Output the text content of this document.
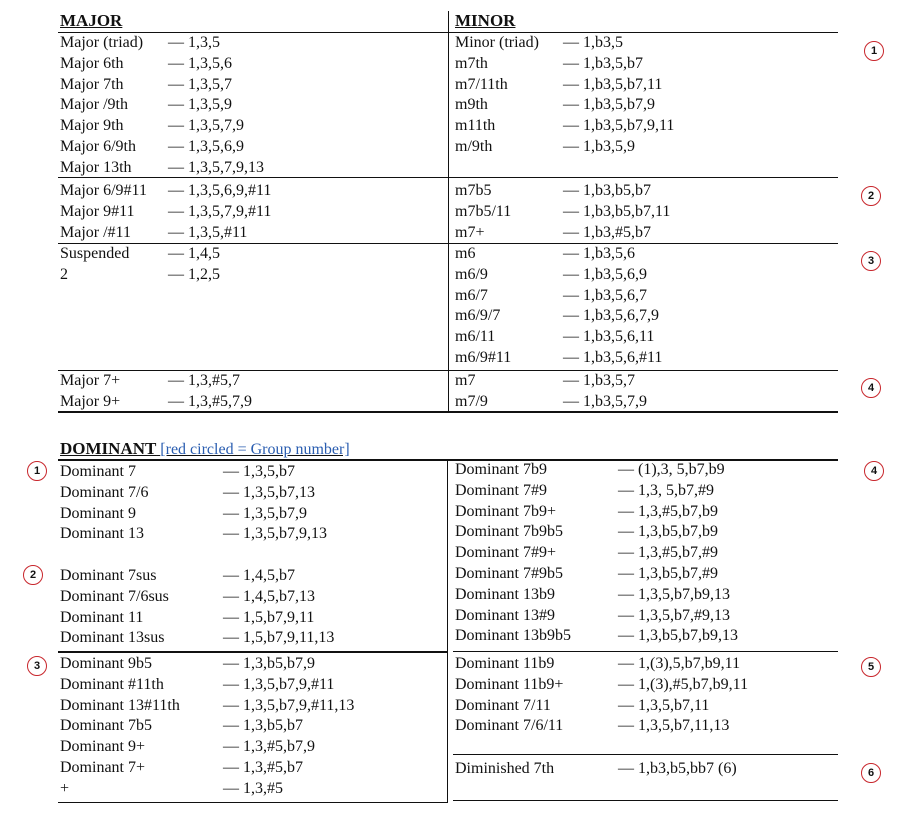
MAJOR	MINOR
DOMINANT [red circled = Group number]
1
2
3
4
1
2
3
4
5
6
Major (triad) — 1,3,5
Major 6th	— 1,3,5,6
Major 7th	— 1,3,5,7
Major /9th	— 1,3,5,9
Major 9th	— 1,3,5,7,9
Major 6/9th — 1,3,5,6,9
Major 13th — 1,3,5,7,9,13
Major 6/9#11 — 1,3,5,6,9,#11
Major 9#11 — 1,3,5,7,9,#11
Major /#11 — 1,3,5,#11
Suspended — 1,4,5
2	— 1,2,5
Major 7+	— 1,3,#5,7
Major 9+	— 1,3,#5,7,9
Minor (triad) — 1,b3,5
m7th	— 1,b3,5,b7
m7/11th	— 1,b3,5,b7,11
m9th	— 1,b3,5,b7,9
m11th	— 1,b3,5,b7,9,11
m/9th	— 1,b3,5,9
m7b5	— 1,b3,b5,b7
m7b5/11	— 1,b3,b5,b7,11
m7+	— 1,b3,#5,b7
m6	— 1,b3,5,6
m6/9	— 1,b3,5,6,9
m6/7	— 1,b3,5,6,7
m6/9/7	— 1,b3,5,6,7,9
m6/11	— 1,b3,5,6,11
m6/9#11	— 1,b3,5,6,#11
m7	— 1,b3,5,7
m7/9	— 1,b3,5,7,9
Dominant 7	— 1,3,5,b7
Dominant 7/6	— 1,3,5,b7,13
Dominant 9	— 1,3,5,b7,9
Dominant 13	— 1,3,5,b7,9,13
Dominant 7sus	— 1,4,5,b7
Dominant 7/6sus	— 1,4,5,b7,13
Dominant 11	— 1,5,b7,9,11
Dominant 13sus	— 1,5,b7,9,11,13
Dominant 9b5	— 1,3,b5,b7,9
Dominant #11th	— 1,3,5,b7,9,#11
Dominant 13#11th	— 1,3,5,b7,9,#11,13
Dominant 7b5	— 1,3,b5,b7
Dominant 9+	— 1,3,#5,b7,9
Dominant 7+	— 1,3,#5,b7
+	— 1,3,#5
Dominant 7b9	— (1),3, 5,b7,b9
Dominant 7#9	— 1,3, 5,b7,#9
Dominant 7b9+	— 1,3,#5,b7,b9
Dominant 7b9b5	— 1,3,b5,b7,b9
Dominant 7#9+	— 1,3,#5,b7,#9
Dominant 7#9b5	— 1,3,b5,b7,#9
Dominant 13b9	— 1,3,5,b7,b9,13
Dominant 13#9	— 1,3,5,b7,#9,13
Dominant 13b9b5	— 1,3,b5,b7,b9,13
Dominant 11b9	— 1,(3),5,b7,b9,11
Dominant 11b9+	— 1,(3),#5,b7,b9,11
Dominant 7/11	— 1,3,5,b7,11
Dominant 7/6/11	— 1,3,5,b7,11,13
Diminished 7th	— 1,b3,b5,bb7 (6)
